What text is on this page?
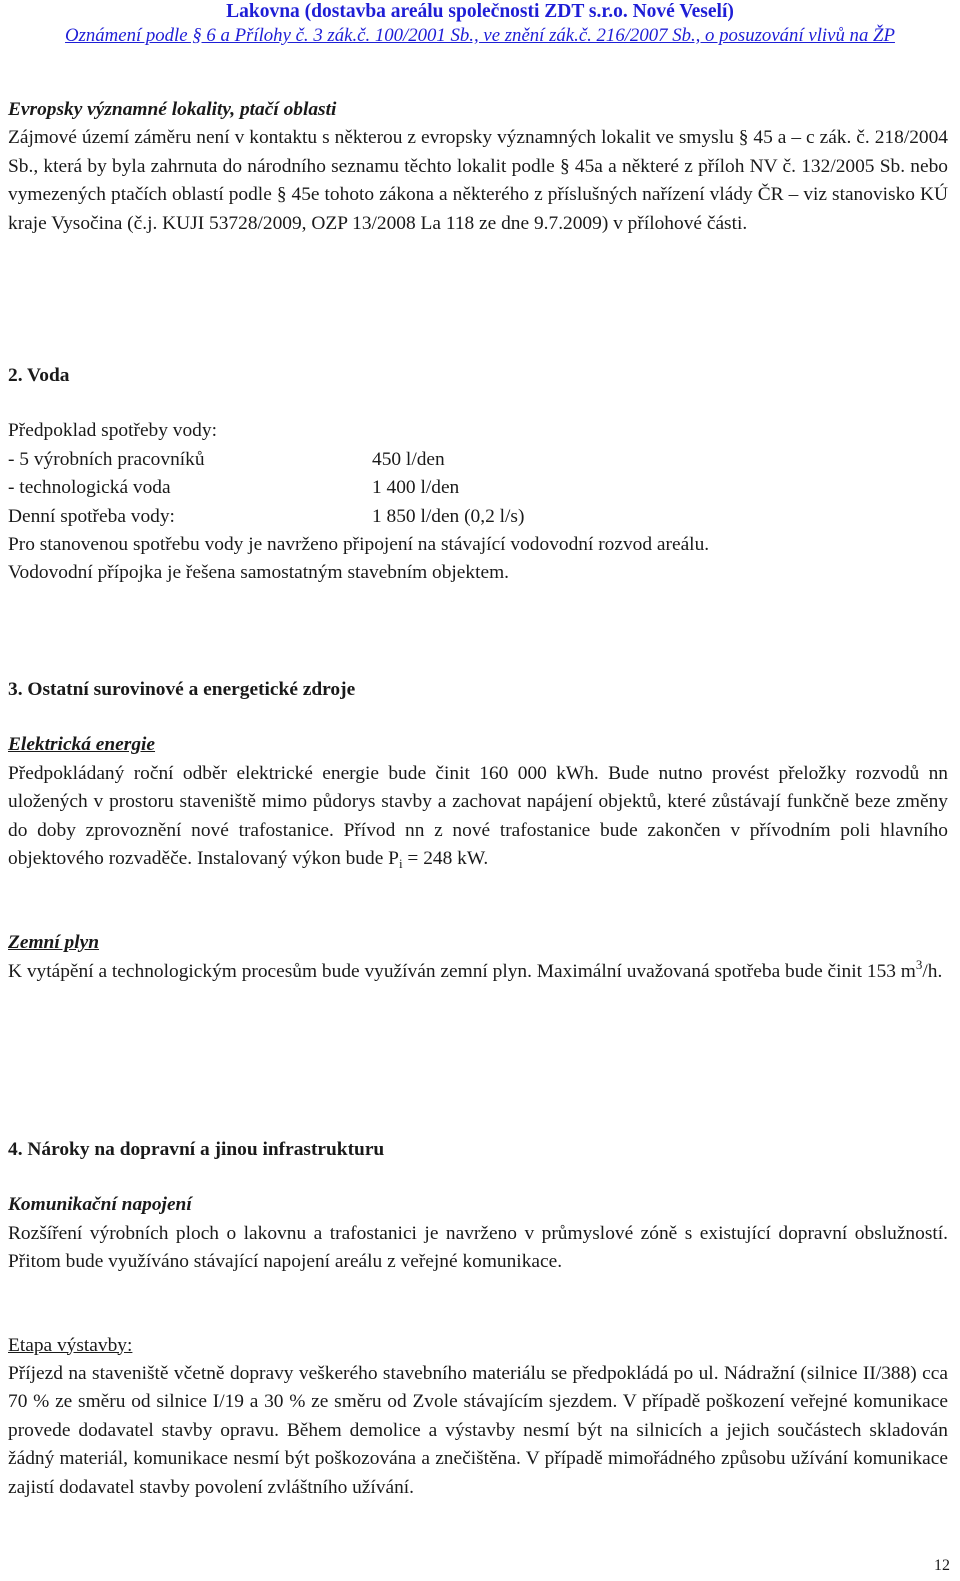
Lakovna (dostavba areálu společnosti ZDT s.r.o. Nové Veselí)
Oznámení podle § 6 a Přílohy č. 3 zák.č. 100/2001 Sb., ve znění zák.č. 216/2007 Sb., o posuzování vlivů na ŽP

Evropsky významné lokality, ptačí oblasti

Zájmové území záměru není v kontaktu s některou z evropsky významných lokalit ve smyslu § 45 a – c zák. č. 218/2004 Sb., která by byla zahrnuta do národního seznamu těchto lokalit podle § 45a a některé z příloh NV č. 132/2005 Sb. nebo vymezených ptačích oblastí podle § 45e tohoto zákona a některého z příslušných nařízení vlády ČR – viz stanovisko KÚ kraje Vysočina (č.j. KUJI 53728/2009, OZP 13/2008 La 118 ze dne 9.7.2009) v přílohové části.

2. Voda

Předpoklad spotřeby vody:

- 5 výrobních pracovníků	450 l/den
- technologická voda	1 400 l/den
Denní spotřeba vody:	1 850 l/den (0,2 l/s)

Pro stanovenou spotřebu vody je navrženo připojení na stávající vodovodní rozvod areálu.

Vodovodní přípojka je řešena samostatným stavebním objektem.

3. Ostatní surovinové a energetické zdroje

Elektrická energie

Předpokládaný roční odběr elektrické energie bude činit 160 000 kWh. Bude nutno provést přeložky rozvodů nn uložených v prostoru staveniště mimo půdorys stavby a zachovat napájení objektů, které zůstávají funkčně beze změny do doby zprovoznění nové trafostanice. Přívod nn z nové trafostanice bude zakončen v přívodním poli hlavního objektového rozvaděče. Instalovaný výkon bude $P_i = 248$ kW.

Zemní plyn

K vytápění a technologickým procesům bude využíván zemní plyn. Maximální uvažovaná spotřeba bude činit 153 $m^3/h$.

4. Nároky na dopravní a jinou infrastrukturu

Komunikační napojení

Rozšíření výrobních ploch o lakovnu a trafostanici je navrženo v průmyslové zóně s existující dopravní obslužností. Přitom bude využíváno stávající napojení areálu z veřejné komunikace.

Etapa výstavby:

Příjezd na staveniště včetně dopravy veškerého stavebního materiálu se předpokládá po ul. Nádražní (silnice II/388) cca 70 % ze směru od silnice I/19 a 30 % ze směru od Zvole stávajícím sjezdem. V případě poškození veřejné komunikace provede dodavatel stavby opravu. Během demolice a výstavby nesmí být na silnicích a jejich součástech skladován žádný materiál, komunikace nesmí být poškozována a znečištěna. V případě mimořádného způsobu užívání komunikace zajistí dodavatel stavby povolení zvláštního užívání.

12
